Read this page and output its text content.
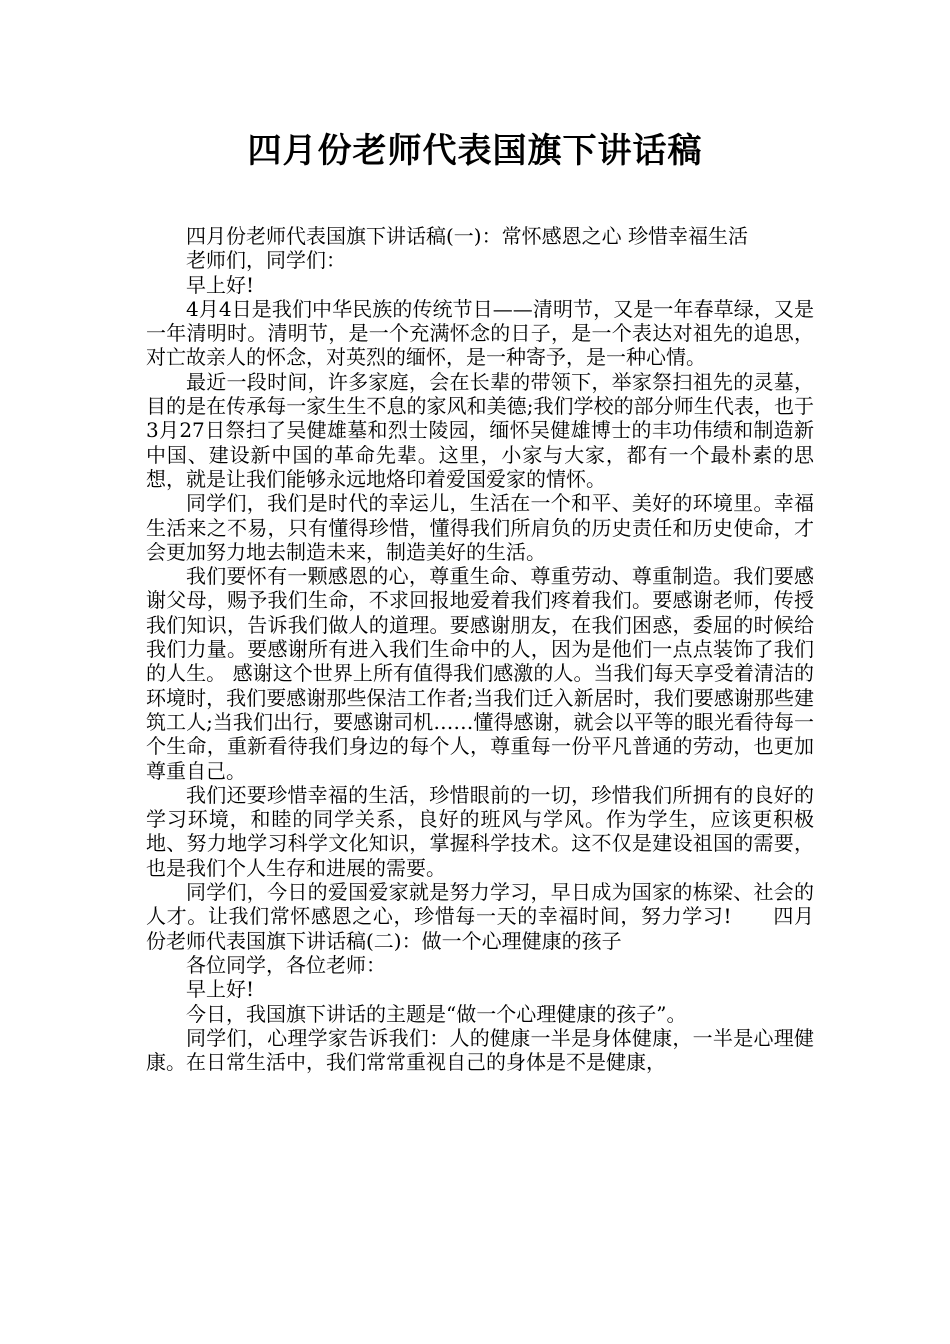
四月份老师代表国旗下讲话稿

四月份老师代表国旗下讲话稿(一)：常怀感恩之心 珍惜幸福生活

老师们，同学们：

早上好!

4月4日是我们中华民族的传统节日——清明节，又是一年春草绿，又是一年清明时。清明节，是一个充满怀念的日子，是一个表达对祖先的追思，对亡故亲人的怀念，对英烈的缅怀，是一种寄予，是一种心情。

最近一段时间，许多家庭，会在长辈的带领下，举家祭扫祖先的灵墓，目的是在传承每一家生生不息的家风和美德;我们学校的部分师生代表，也于3月27日祭扫了吴健雄墓和烈士陵园，缅怀吴健雄博士的丰功伟绩和制造新中国、建设新中国的革命先辈。这里，小家与大家，都有一个最朴素的思想，就是让我们能够永远地烙印着爱国爱家的情怀。

同学们，我们是时代的幸运儿，生活在一个和平、美好的环境里。幸福生活来之不易，只有懂得珍惜，懂得我们所肩负的历史责任和历史使命，才会更加努力地去制造未来，制造美好的生活。

我们要怀有一颗感恩的心，尊重生命、尊重劳动、尊重制造。我们要感谢父母，赐予我们生命，不求回报地爱着我们疼着我们。要感谢老师，传授我们知识，告诉我们做人的道理。要感谢朋友，在我们困惑，委屈的时候给我们力量。要感谢所有进入我们生命中的人，因为是他们一点点装饰了我们的人生。 感谢这个世界上所有值得我们感激的人。当我们每天享受着清洁的环境时，我们要感谢那些保洁工作者;当我们迁入新居时，我们要感谢那些建筑工人;当我们出行，要感谢司机……懂得感谢，就会以平等的眼光看待每一个生命，重新看待我们身边的每个人，尊重每一份平凡普通的劳动，也更加尊重自己。

我们还要珍惜幸福的生活，珍惜眼前的一切，珍惜我们所拥有的良好的学习环境，和睦的同学关系，良好的班风与学风。作为学生，应该更积极地、努力地学习科学文化知识，掌握科学技术。这不仅是建设祖国的需要，也是我们个人生存和进展的需要。

同学们，今日的爱国爱家就是努力学习，早日成为国家的栋梁、社会的人才。让我们常怀感恩之心，珍惜每一天的幸福时间，努力学习!　　四月份老师代表国旗下讲话稿(二)：做一个心理健康的孩子

各位同学，各位老师：

早上好!

今日，我国旗下讲话的主题是“做一个心理健康的孩子”。

同学们，心理学家告诉我们：人的健康一半是身体健康，一半是心理健康。在日常生活中，我们常常重视自己的身体是不是健康，
